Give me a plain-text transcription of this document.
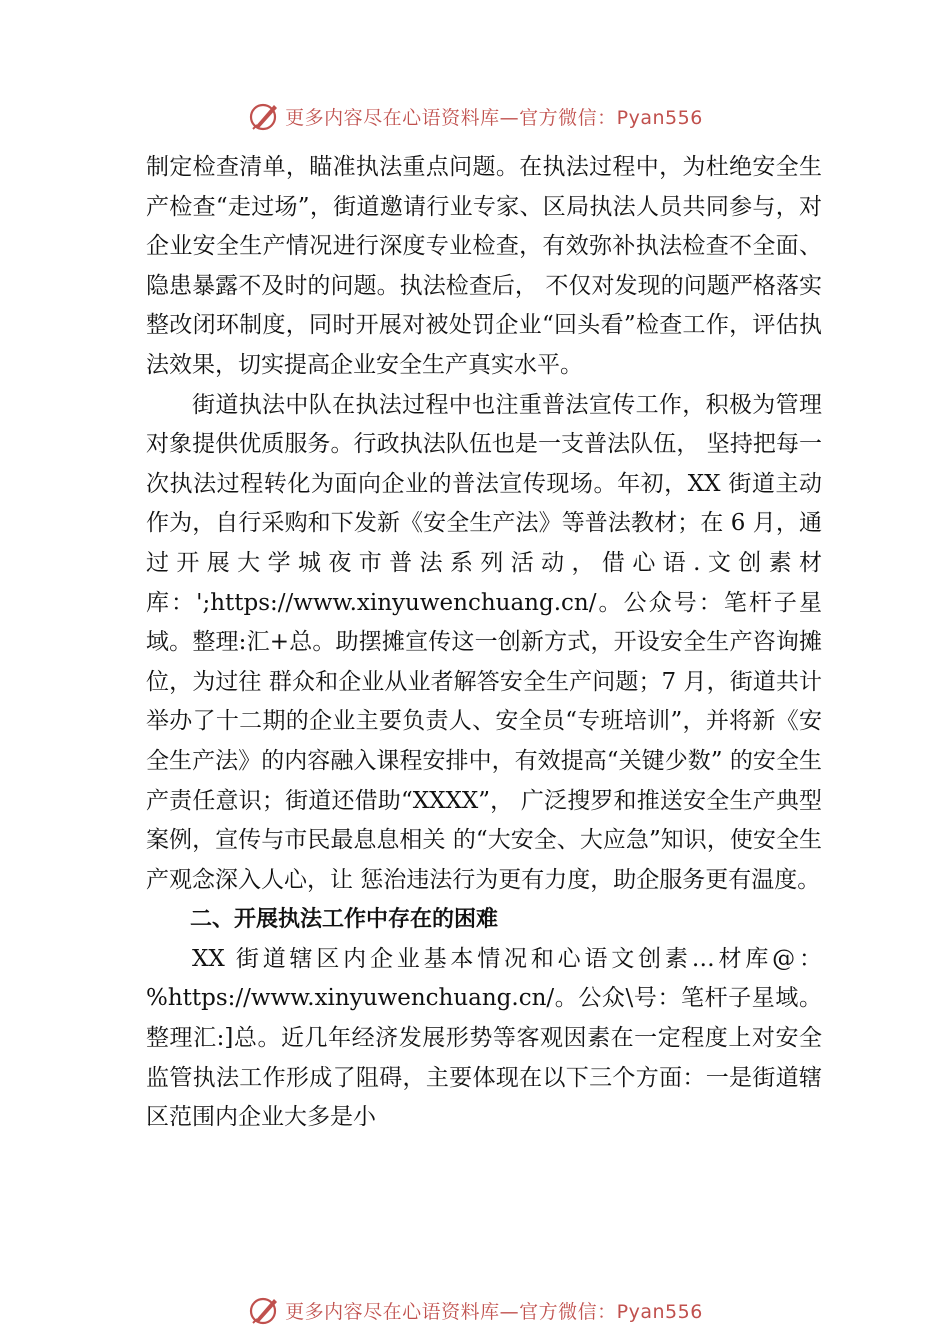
更多内容尽在心语资料库—官方微信：Pyan556

制定检查清单，瞄准执法重点问题。在执法过程中，为杜绝安全生产检查“走过场”，街道邀请行业专家、区局执法人员共同参与，对企业安全生产情况进行深度专业检查，有效弥补执法检查不全面、隐患暴露不及时的问题。执法检查后， 不仅对发现的问题严格落实整改闭环制度，同时开展对被处罚企业“回头看”检查工作，评估执法效果，切实提高企业安全生产真实水平。

街道执法中队在执法过程中也注重普法宣传工作，积极为管理对象提供优质服务。行政执法队伍也是一支普法队伍， 坚持把每一次执法过程转化为面向企业的普法宣传现场。年初，XX 街道主动作为，自行采购和下发新《安全生产法》等普法教材；在 6 月，通过开展大学城夜市普法系列活动，借心语.文创素材库：';https://www.xinyuwenchuang.cn/。公众号：笔杆子星域。整理:汇+总。助摆摊宣传这一创新方式，开设安全生产咨询摊位，为过往 群众和企业从业者解答安全生产问题；7 月，街道共计举办了十二期的企业主要负责人、安全员“专班培训”，并将新《安全生产法》的内容融入课程安排中，有效提高“关键少数” 的安全生产责任意识；街道还借助“XXXX”， 广泛搜罗和推送安全生产典型案例，宣传与市民最息息相关 的“大安全、大应急”知识，使安全生产观念深入人心，让 惩治违法行为更有力度，助企服务更有温度。

二、开展执法工作中存在的困难

XX 街道辖区内企业基本情况和心语文创素…材库@：%https://www.xinyuwenchuang.cn/。公众\号：笔杆子星域。整理汇:]总。近几年经济发展形势等客观因素在一定程度上对安全监管执法工作形成了阻碍，主要体现在以下三个方面：一是街道辖区范围内企业大多是小

更多内容尽在心语资料库—官方微信：Pyan556
